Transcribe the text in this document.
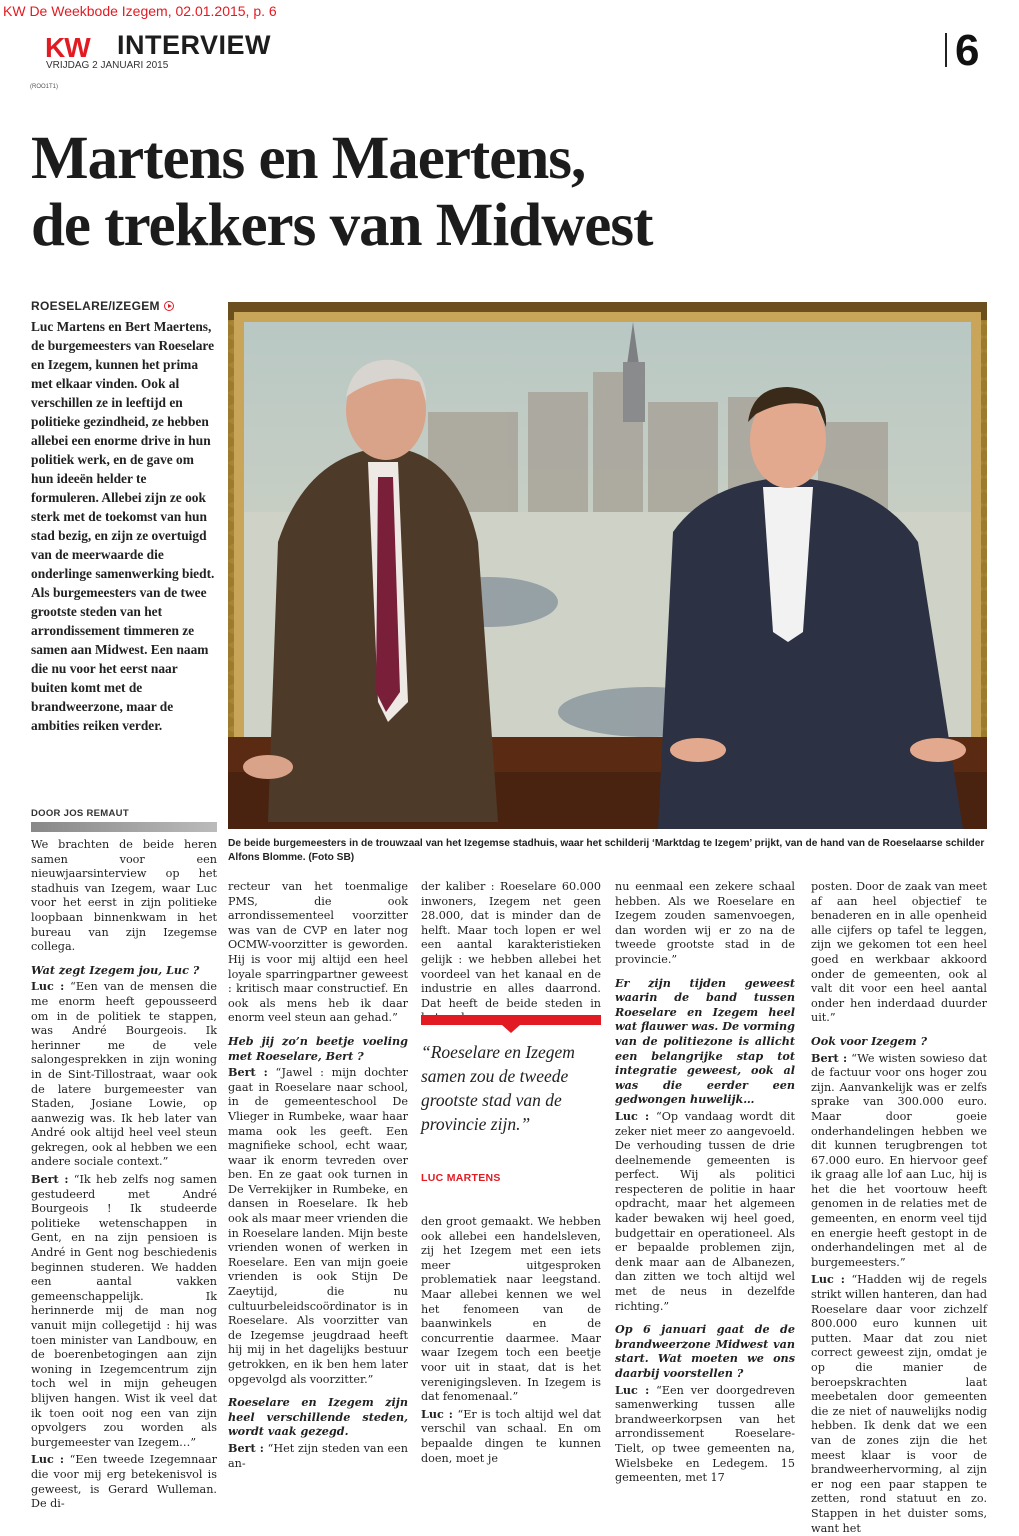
KW De Weekbode Izegem, 02.01.2015, p. 6
KW INTERVIEW
VRIJDAG 2 JANUARI 2015	6
(ROO1T1)
Martens en Maertens,
de trekkers van Midwest
ROESELARE/IZEGEM

Luc Martens en Bert Maertens, de burgemeesters van Roeselare en Izegem, kunnen het prima met elkaar vinden. Ook al verschillen ze in leeftijd en politieke gezindheid, ze hebben allebei een enorme drive in hun politiek werk, en de gave om hun ideeën helder te formuleren. Allebei zijn ze ook sterk met de toekomst van hun stad bezig, en zijn ze overtuigd van de meerwaarde die onderlinge samenwerking biedt. Als burgemeesters van de twee grootste steden van het arrondissement timmeren ze samen aan Midwest. Een naam die nu voor het eerst naar buiten komt met de brandweerzone, maar de ambities reiken verder.

DOOR JOS REMAUT
De beide burgemeesters in de trouwzaal van het Izegemse stadhuis, waar het schilderij ‘Marktdag te Izegem’ prijkt, van de hand van de Roeselaarse schilder Alfons Blomme. (Foto SB)

We brachten de beide heren samen voor een nieuwjaarsinterview op het stadhuis van Izegem, waar Luc voor het eerst in zijn politieke loopbaan binnenkwam in het bureau van zijn Izegemse collega.

Wat zegt Izegem jou, Luc ?

Luc : “Een van de mensen die me enorm heeft gepousseerd om in de politiek te stappen, was André Bourgeois. Ik herinner me de vele salongesprekken in zijn woning in de Sint-Tillostraat, waar ook de latere burgemeester van Staden, Josiane Lowie, op aanwezig was. Ik heb later van André ook altijd heel veel steun gekregen, ook al hebben we een andere sociale context.”

Bert : “Ik heb zelfs nog samen gestudeerd met André Bourgeois ! Ik studeerde politieke wetenschappen in Gent, en na zijn pensioen is André in Gent nog beschiedenis beginnen studeren. We hadden een aantal vakken gemeenschappelijk. Ik herinnerde mij de man nog vanuit mijn collegetijd : hij was toen minister van Landbouw, en de boerenbetogingen aan zijn woning in Izegemcentrum zijn toch wel in mijn geheugen blijven hangen. Wist ik veel dat ik toen ooit nog een van zijn opvolgers zou worden als burgemeester van Izegem…”

Luc : “Een tweede Izegemnaar die voor mij erg betekenisvol is geweest, is Gerard Wulleman. De di-

recteur van het toenmalige PMS, die ook arrondissementeel voorzitter was van de CVP en later nog OCMW-voorzitter is geworden. Hij is voor mij altijd een heel loyale sparringpartner geweest : kritisch maar constructief. En ook als mens heb ik daar enorm veel steun aan gehad.”

Heb jij zo’n beetje voeling met Roeselare, Bert ?

Bert : “Jawel : mijn dochter gaat in Roeselare naar school, in de gemeenteschool De Vlieger in Rumbeke, waar haar mama ook les geeft. Een magnifieke school, echt waar, waar ik enorm tevreden over ben. En ze gaat ook turnen in De Verrekijker in Rumbeke, en dansen in Roeselare. Ik heb ook als maar meer vrienden die in Roeselare landen. Mijn beste vrienden wonen of werken in Roeselare. Een van mijn goeie vrienden is ook Stijn De Zaeytijd, die nu cultuurbeleidscoördinator is in Roeselare. Als voorzitter van de Izegemse jeugdraad heeft hij mij in het dagelijks bestuur getrokken, en ik ben hem later opgevolgd als voorzitter.”

Roeselare en Izegem zijn heel verschillende steden, wordt vaak gezegd.

Bert : “Het zijn steden van een an-

der kaliber : Roeselare 60.000 inwoners, Izegem net geen 28.000, dat is minder dan de helft. Maar toch lopen er wel een aantal karakteristieken gelijk : we hebben allebei het voordeel van het kanaal en de industrie en alles daarrond. Dat heeft de beide steden in

“Roeselare en Izegem samen zou de tweede grootste stad van de provincie zijn.”
LUC MARTENS

den groot gemaakt. We hebben ook allebei een handelsleven, zij het Izegem met een iets meer uitgesproken problematiek naar leegstand. Maar allebei kennen we wel het fenomeen van de baanwinkels en de concurrentie daarmee. Maar waar Izegem toch een beetje voor uit in staat, dat is het verenigingsleven. In Izegem is dat fenomenaal.”

Luc : “Er is toch altijd wel dat verschil van schaal. En om bepaalde dingen te kunnen doen, moet je

nu eenmaal een zekere schaal hebben. Als we Roeselare en Izegem zouden samenvoegen, dan worden wij er zo na de tweede grootste stad in de provincie.”

Er zijn tijden geweest waarin de band tussen Roeselare en Izegem heel wat flauwer was. De vorming van de politiezone is allicht een belangrijke stap tot integratie geweest, ook al was die eerder een gedwongen huwelijk…

Luc : “Op vandaag wordt dit zeker niet meer zo aangevoeld. De verhouding tussen de drie deelnemende gemeenten is perfect. Wij als politici respecteren de politie in haar opdracht, maar het algemeen kader bewaken wij heel goed, budgettair en operationeel. Als er bepaalde problemen zijn, denk maar aan de Albanezen, dan zitten we toch altijd wel met de neus in dezelfde richting.”

Op 6 januari gaat de de brandweerzone Midwest van start. Wat moeten we ons daarbij voorstellen ?

Luc : “Een ver doorgedreven samenwerking tussen alle brandweerkorpsen van het arrondissement Roeselare-Tielt, op twee gemeenten na, Wielsbeke en Ledegem. 15 gemeenten, met 17

posten. Door de zaak van meet af aan heel objectief te benaderen en in alle openheid alle cijfers op tafel te leggen, zijn we gekomen tot een heel goed en werkbaar akkoord onder de gemeenten, ook al valt dit voor een heel aantal onder hen inderdaad duurder uit.”

Ook voor Izegem ?

Bert : “We wisten sowieso dat de factuur voor ons hoger zou zijn. Aanvankelijk was er zelfs sprake van 300.000 euro. Maar door goeie onderhandelingen hebben we dit kunnen terugbrengen tot 67.000 euro. En hiervoor geef ik graag alle lof aan Luc, hij is het die het voortouw heeft genomen in de relaties met de gemeenten, en enorm veel tijd en energie heeft gestopt in de onderhandelingen met al de burgemeesters.”

Luc : “Hadden wij de regels strikt willen hanteren, dan had Roeselare daar voor zichzelf 800.000 euro kunnen uit putten. Maar dat zou niet correct geweest zijn, omdat je op die manier de beroepskrachten laat meebetalen door gemeenten die ze niet of nauwelijks nodig hebben. Ik denk dat we een van de zones zijn die het meest klaar is voor de brandweerhervorming, al zijn er nog een paar stappen te zetten, rond statuut en zo. Stappen in het duister soms, want het
